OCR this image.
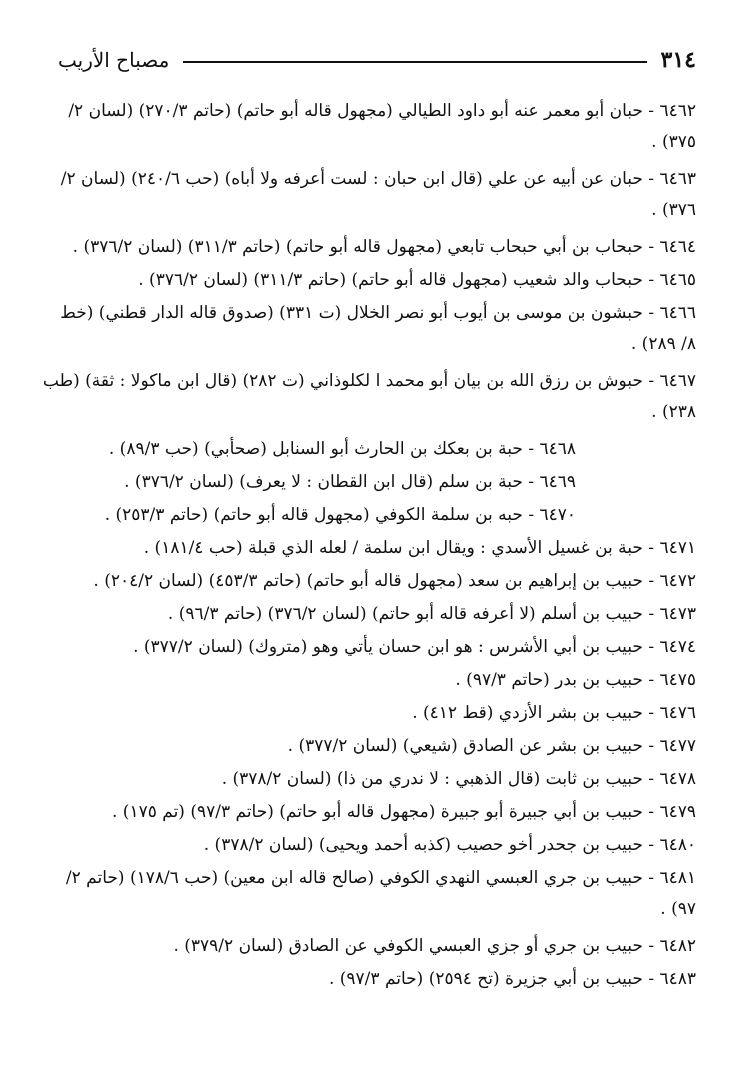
٣١٤
مصباح الأريب

٦٤٦٢ - حبان أبو معمر عنه أبو داود الطيالي (مجهول قاله أبو حاتم) (حاتم ٢٧٠/٣) (لسان ٢/ ٣٧٥) .

٦٤٦٣ - حبان عن أبيه عن علي (قال ابن حبان : لست أعرفه ولا أباه) (حب ٢٤٠/٦) (لسان ٢/ ٣٧٦) .

٦٤٦٤ - حبحاب بن أبي حبحاب تابعي (مجهول قاله أبو حاتم) (حاتم ٣١١/٣) (لسان ٣٧٦/٢) .

٦٤٦٥ - حبحاب والد شعيب (مجهول قاله أبو حاتم) (حاتم ٣١١/٣) (لسان ٣٧٦/٢) .

٦٤٦٦ - حبشون بن موسى بن أيوب أبو نصر الخلال (ت ٣٣١) (صدوق قاله الدار قطني) (خط ٨/ ٢٨٩) .

٦٤٦٧ - حبوش بن رزق الله بن بيان أبو محمد ا لكلوذاني (ت ٢٨٢) (قال ابن ماكولا : ثقة) (طب ٢٣٨) .

٦٤٦٨ - حبة بن بعكك بن الحارث أبو السنابل (صحأبي) (حب ٨٩/٣) .

٦٤٦٩ - حبة بن سلم (قال ابن القطان : لا يعرف) (لسان ٣٧٦/٢) .

٦٤٧٠ - حبه بن سلمة الكوفي (مجهول قاله أبو حاتم) (حاتم ٢٥٣/٣) .

٦٤٧١ - حبة بن غسيل الأسدي : ويقال ابن سلمة / لعله الذي قبلة (حب ١٨١/٤) .

٦٤٧٢ - حبيب بن إبراهيم بن سعد (مجهول قاله أبو حاتم) (حاتم ٤٥٣/٣) (لسان ٢٠٤/٢) .

٦٤٧٣ - حبيب بن أسلم (لا أعرفه قاله أبو حاتم) (لسان ٣٧٦/٢) (حاتم ٩٦/٣) .

٦٤٧٤ - حبيب بن أبي الأشرس : هو ابن حسان يأتي وهو (متروك) (لسان ٣٧٧/٢) .

٦٤٧٥ - حبيب بن بدر (حاتم ٩٧/٣) .

٦٤٧٦ - حبيب بن بشر الأزدي (قط ٤١٢) .

٦٤٧٧ - حبيب بن بشر عن الصادق (شيعي) (لسان ٣٧٧/٢) .

٦٤٧٨ - حبيب بن ثابت (قال الذهبي : لا ندري من ذا) (لسان ٣٧٨/٢) .

٦٤٧٩ - حبيب بن أبي جبيرة أبو جبيرة (مجهول قاله أبو حاتم) (حاتم ٩٧/٣) (تم ١٧٥) .

٦٤٨٠ - حبيب بن جحدر أخو حصيب (كذبه أحمد ويحيى) (لسان ٣٧٨/٢) .

٦٤٨١ - حبيب بن جري العبسي النهدي الكوفي (صالح قاله ابن معين) (حب ١٧٨/٦) (حاتم ٢/ ٩٧) .

٦٤٨٢ - حبيب بن جري أو جزي العبسي الكوفي عن الصادق (لسان ٣٧٩/٢) .

٦٤٨٣ - حبيب بن أبي جزيرة (تح ٢٥٩٤) (حاتم ٩٧/٣) .
